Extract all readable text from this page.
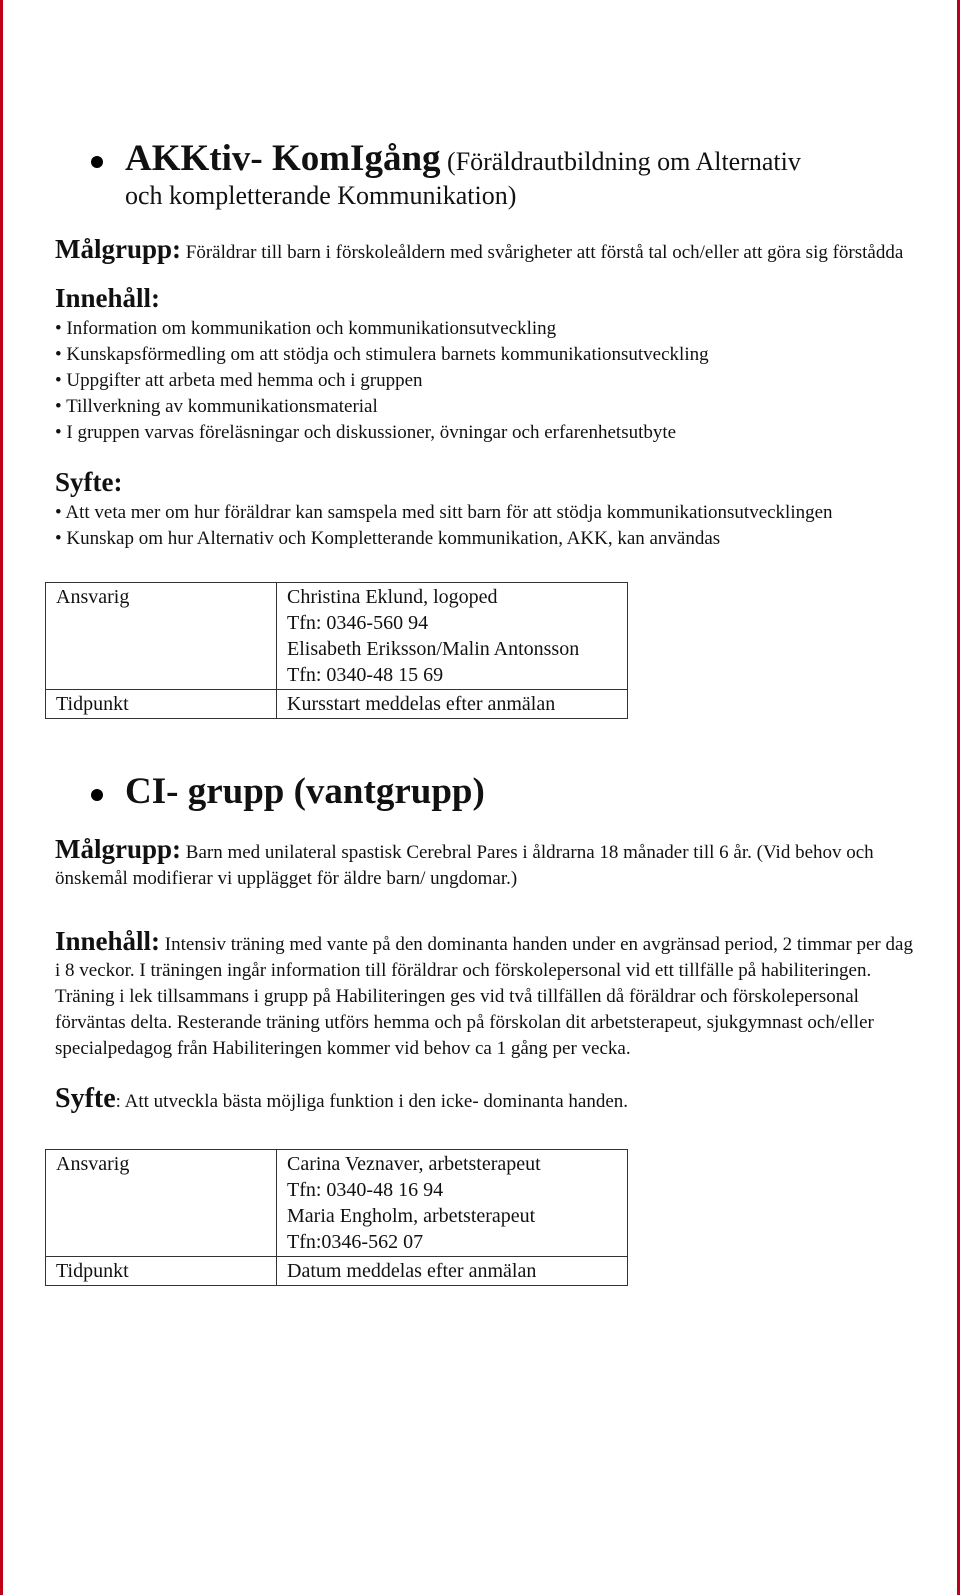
AKKtiv- KomIgång (Föräldrautbildning om Alternativ
och kompletterande Kommunikation)
Målgrupp: Föräldrar till barn i förskoleåldern med svårigheter att förstå tal och/eller att göra sig förstådda
Innehåll:
• Information om kommunikation och kommunikationsutveckling
• Kunskapsförmedling om att stödja och stimulera barnets kommunikationsutveckling
• Uppgifter att arbeta med hemma och i gruppen
• Tillverkning av kommunikationsmaterial
• I gruppen varvas föreläsningar och diskussioner, övningar och erfarenhetsutbyte
Syfte:
• Att veta mer om hur föräldrar kan samspela med sitt barn för att stödja kommunikationsutvecklingen
• Kunskap om hur Alternativ och Kompletterande kommunikation, AKK, kan användas
Ansvarig	Christina Eklund, logoped
Tfn: 0346-560 94
Elisabeth Eriksson/Malin Antonsson
Tfn: 0340-48 15 69

Tidpunkt	Kursstart meddelas efter anmälan
CI- grupp (vantgrupp)
Målgrupp: Barn med unilateral spastisk Cerebral Pares i åldrarna 18 månader till 6 år. (Vid behov och önskemål modifierar vi upplägget för äldre barn/ ungdomar.)
Innehåll: Intensiv träning med vante på den dominanta handen under en avgränsad period, 2 timmar per dag i 8 veckor. I träningen ingår information till föräldrar och förskolepersonal vid ett tillfälle på habiliteringen. Träning i lek tillsammans i grupp på Habiliteringen ges vid två tillfällen då föräldrar och förskolepersonal förväntas delta. Resterande träning utförs hemma och på förskolan dit arbetsterapeut, sjukgymnast och/eller specialpedagog från Habiliteringen kommer vid behov ca 1 gång per vecka.
Syfte: Att utveckla bästa möjliga funktion i den icke- dominanta handen.
Ansvarig	Carina Veznaver, arbetsterapeut
Tfn: 0340-48 16 94
Maria Engholm, arbetsterapeut
Tfn:0346-562 07

Tidpunkt	Datum meddelas efter anmälan
